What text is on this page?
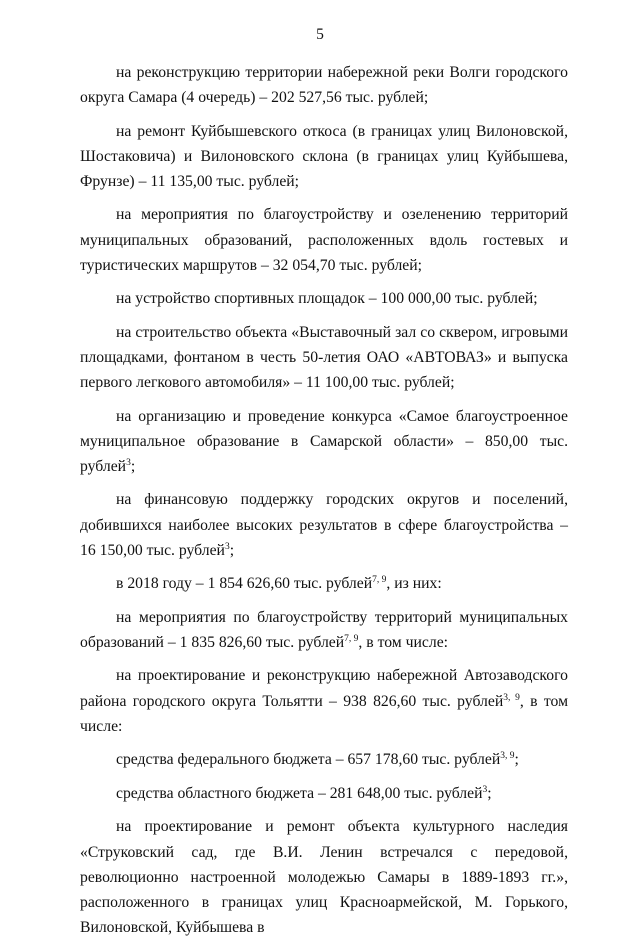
5

на реконструкцию территории набережной реки Волги городского округа Самара (4 очередь) – 202 527,56 тыс. рублей;

на ремонт Куйбышевского откоса (в границах улиц Вилоновской, Шостаковича) и Вилоновского склона (в границах улиц Куйбышева, Фрунзе) – 11 135,00 тыс. рублей;

на мероприятия по благоустройству и озеленению территорий муниципальных образований, расположенных вдоль гостевых и туристических маршрутов – 32 054,70 тыс. рублей;

на устройство спортивных площадок – 100 000,00 тыс. рублей;

на строительство объекта «Выставочный зал со сквером, игровыми площадками, фонтаном в честь 50-летия ОАО «АВТОВАЗ» и выпуска первого легкового автомобиля» – 11 100,00 тыс. рублей;

на организацию и проведение конкурса «Самое благоустроенное муниципальное образование в Самарской области» – 850,00 тыс. рублей$^3$;

на финансовую поддержку городских округов и поселений, добившихся наиболее высоких результатов в сфере благоустройства – 16 150,00 тыс. рублей$^3$;

в 2018 году – 1 854 626,60 тыс. рублей$^{7, 9}$, из них:

на мероприятия по благоустройству территорий муниципальных образований – 1 835 826,60 тыс. рублей$^{7, 9}$, в том числе:

на проектирование и реконструкцию набережной Автозаводского района городского округа Тольятти – 938 826,60 тыс. рублей$^{3, 9}$, в том числе:

средства федерального бюджета – 657 178,60 тыс. рублей$^{3, 9}$;

средства областного бюджета – 281 648,00 тыс. рублей$^3$;

на проектирование и ремонт объекта культурного наследия «Струковский сад, где В.И. Ленин встречался с передовой, революционно настроенной молодежью Самары в 1889-1893 гг.», расположенного в границах улиц Красноармейской, М. Горького, Вилоновской, Куйбышева в
